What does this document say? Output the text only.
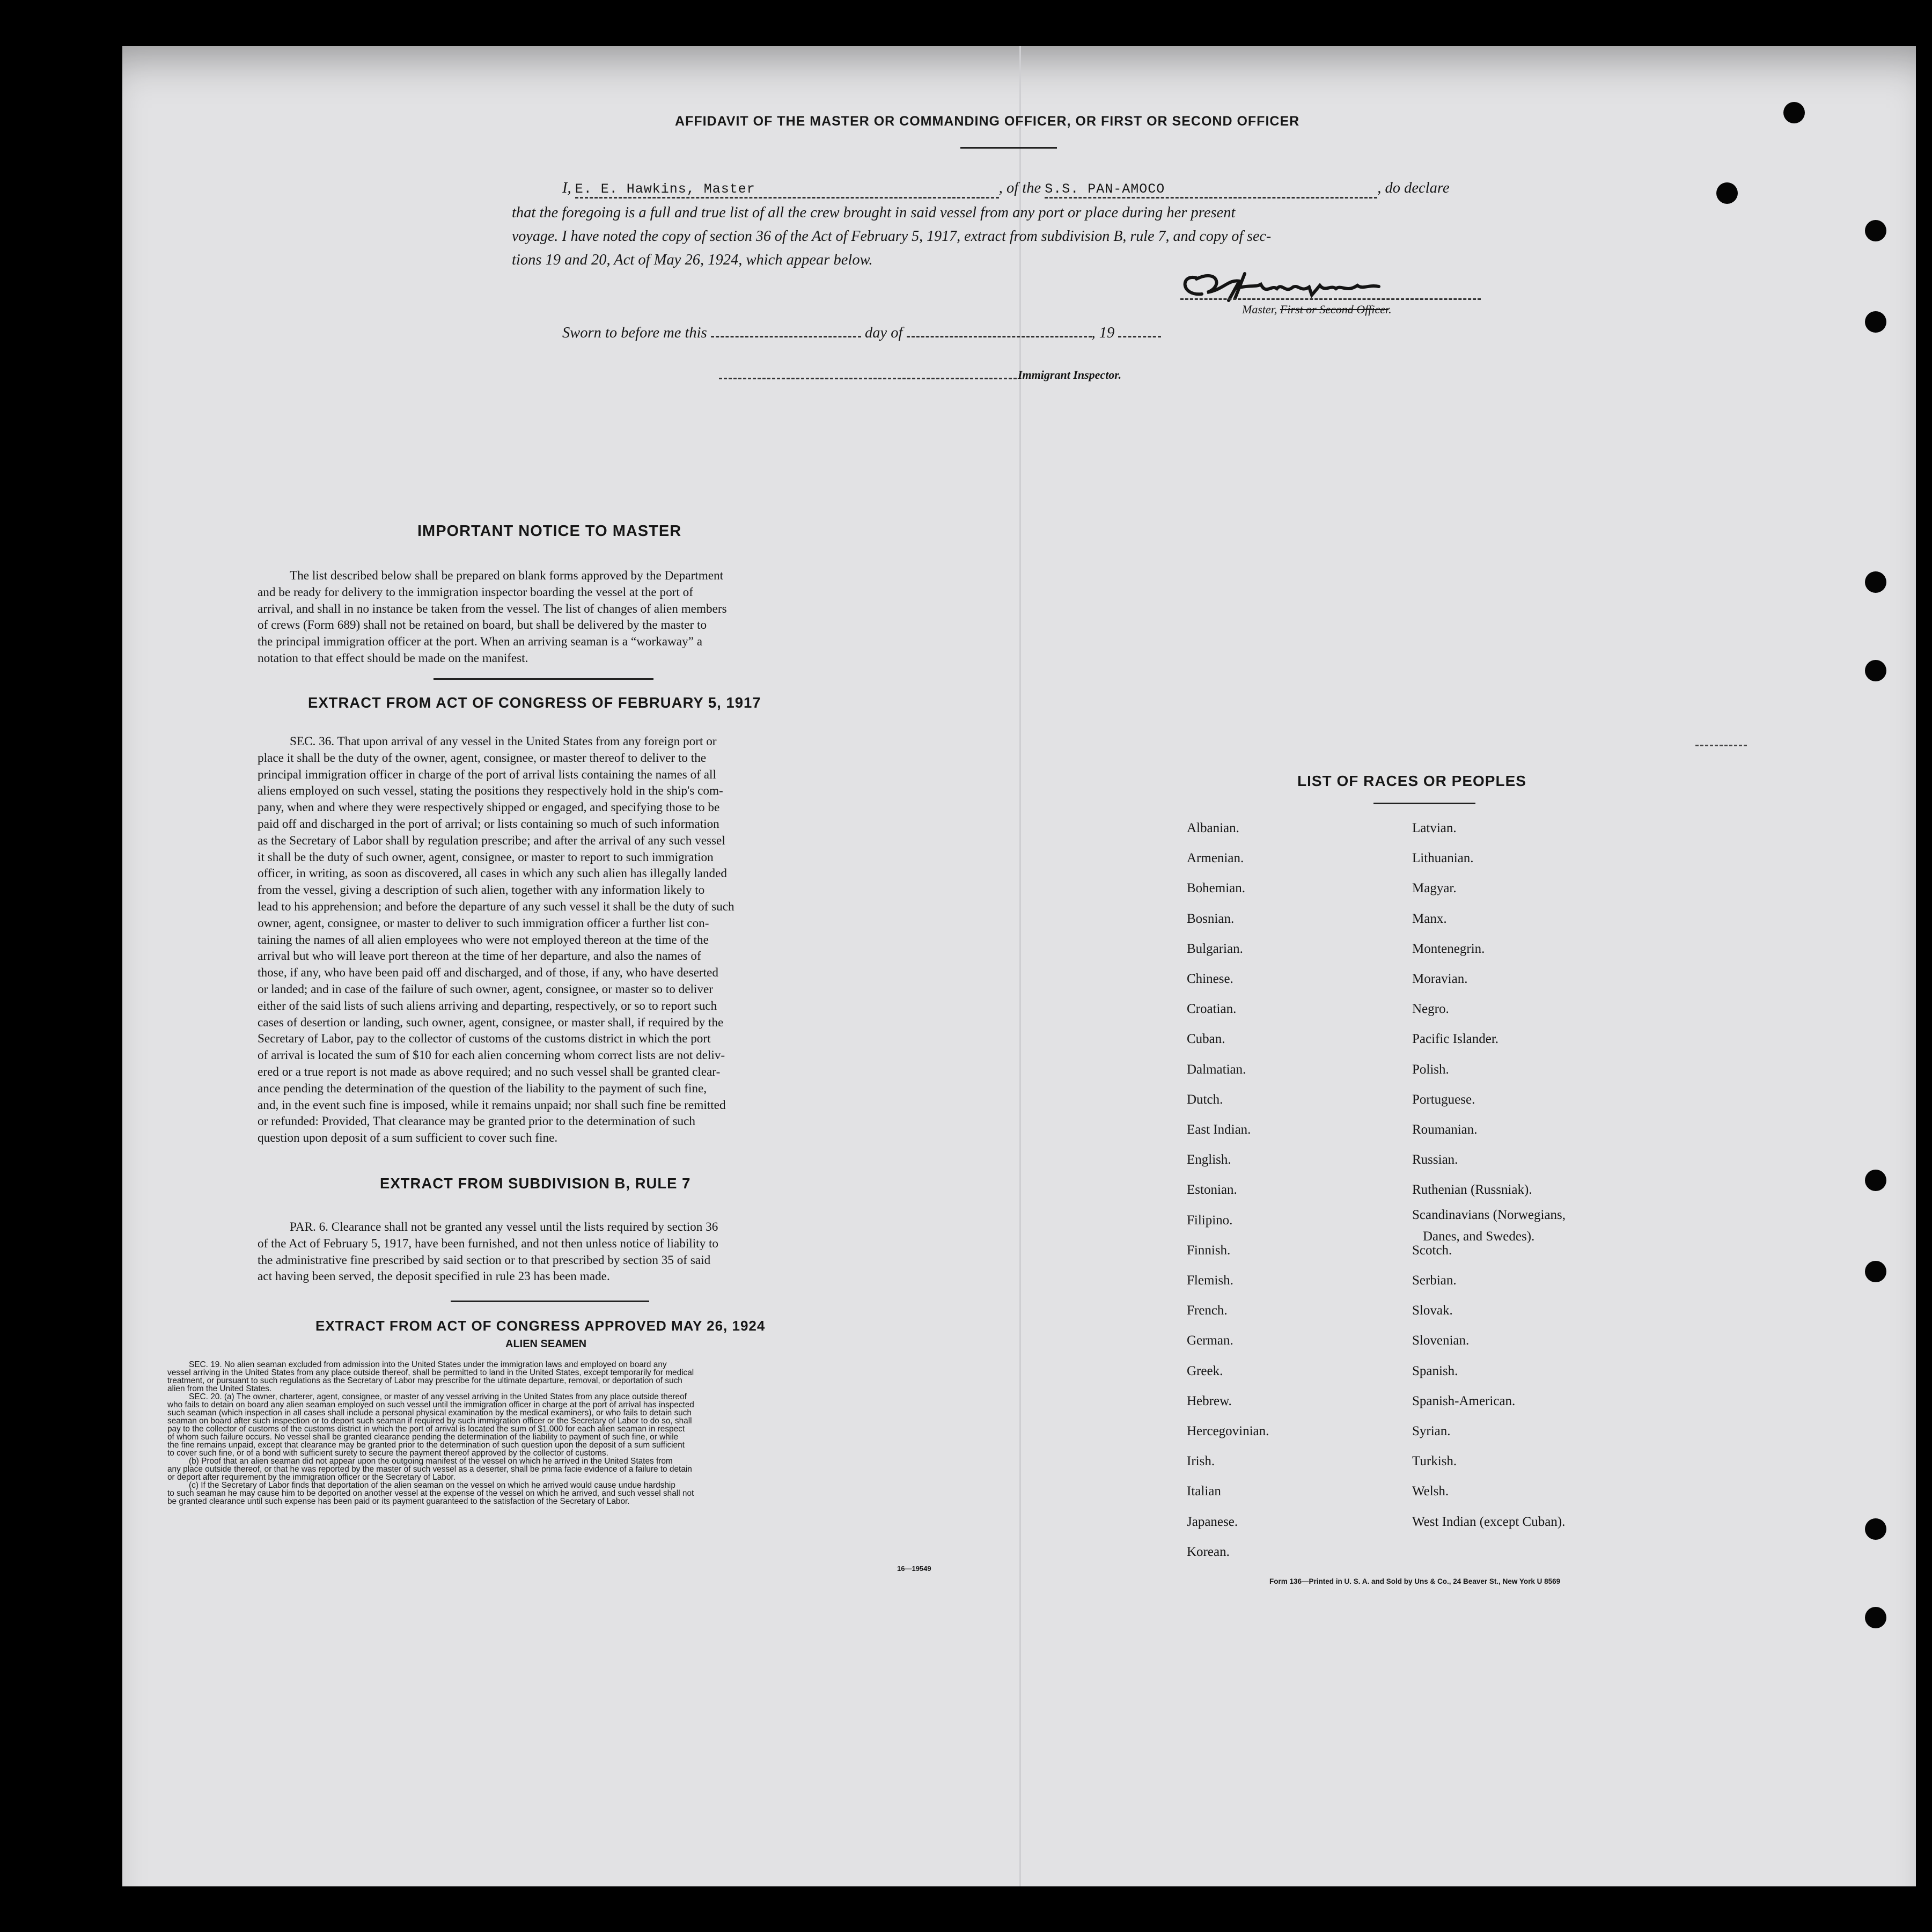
AFFIDAVIT OF THE MASTER OR COMMANDING OFFICER, OR FIRST OR SECOND OFFICER
I, E. E. Hawkins, Master	, of the S.S. PAN-AMOCO	, do declare
that the foregoing is a full and true list of all the crew brought in said vessel from any port or place during her present
voyage. I have noted the copy of section 36 of the Act of February 5, 1917, extract from subdivision B, rule 7, and copy of sec-
tions 19 and 20, Act of May 26, 1924, which appear below.
Master, First or Second Officer.
Sworn to before me this	day of	, 19
Immigrant Inspector.
IMPORTANT NOTICE TO MASTER
The list described below shall be prepared on blank forms approved by the Department
and be ready for delivery to the immigration inspector boarding the vessel at the port of
arrival, and shall in no instance be taken from the vessel. The list of changes of alien members
of crews (Form 689) shall not be retained on board, but shall be delivered by the master to
the principal immigration officer at the port. When an arriving seaman is a “workaway” a
notation to that effect should be made on the manifest.
EXTRACT FROM ACT OF CONGRESS OF FEBRUARY 5, 1917
SEC. 36. That upon arrival of any vessel in the United States from any foreign port or
place it shall be the duty of the owner, agent, consignee, or master thereof to deliver to the
principal immigration officer in charge of the port of arrival lists containing the names of all
aliens employed on such vessel, stating the positions they respectively hold in the ship's com-
pany, when and where they were respectively shipped or engaged, and specifying those to be
paid off and discharged in the port of arrival; or lists containing so much of such information
as the Secretary of Labor shall by regulation prescribe; and after the arrival of any such vessel
it shall be the duty of such owner, agent, consignee, or master to report to such immigration
officer, in writing, as soon as discovered, all cases in which any such alien has illegally landed
from the vessel, giving a description of such alien, together with any information likely to
lead to his apprehension; and before the departure of any such vessel it shall be the duty of such
owner, agent, consignee, or master to deliver to such immigration officer a further list con-
taining the names of all alien employees who were not employed thereon at the time of the
arrival but who will leave port thereon at the time of her departure, and also the names of
those, if any, who have been paid off and discharged, and of those, if any, who have deserted
or landed; and in case of the failure of such owner, agent, consignee, or master so to deliver
either of the said lists of such aliens arriving and departing, respectively, or so to report such
cases of desertion or landing, such owner, agent, consignee, or master shall, if required by the
Secretary of Labor, pay to the collector of customs of the customs district in which the port
of arrival is located the sum of $10 for each alien concerning whom correct lists are not deliv-
ered or a true report is not made as above required; and no such vessel shall be granted clear-
ance pending the determination of the question of the liability to the payment of such fine,
and, in the event such fine is imposed, while it remains unpaid; nor shall such fine be remitted
or refunded: Provided, That clearance may be granted prior to the determination of such
question upon deposit of a sum sufficient to cover such fine.
EXTRACT FROM SUBDIVISION B, RULE 7
PAR. 6. Clearance shall not be granted any vessel until the lists required by section 36
of the Act of February 5, 1917, have been furnished, and not then unless notice of liability to
the administrative fine prescribed by said section or to that prescribed by section 35 of said
act having been served, the deposit specified in rule 23 has been made.
EXTRACT FROM ACT OF CONGRESS APPROVED MAY 26, 1924
ALIEN SEAMEN
SEC. 19. No alien seaman excluded from admission into the United States under the immigration laws and employed on board any
vessel arriving in the United States from any place outside thereof, shall be permitted to land in the United States, except temporarily for medical
treatment, or pursuant to such regulations as the Secretary of Labor may prescribe for the ultimate departure, removal, or deportation of such
alien from the United States.
SEC. 20. (a) The owner, charterer, agent, consignee, or master of any vessel arriving in the United States from any place outside thereof
who fails to detain on board any alien seaman employed on such vessel until the immigration officer in charge at the port of arrival has inspected
such seaman (which inspection in all cases shall include a personal physical examination by the medical examiners), or who fails to detain such
seaman on board after such inspection or to deport such seaman if required by such immigration officer or the Secretary of Labor to do so, shall
pay to the collector of customs of the customs district in which the port of arrival is located the sum of $1,000 for each alien seaman in respect
of whom such failure occurs. No vessel shall be granted clearance pending the determination of the liability to payment of such fine, or while
the fine remains unpaid, except that clearance may be granted prior to the determination of such question upon the deposit of a sum sufficient
to cover such fine, or of a bond with sufficient surety to secure the payment thereof approved by the collector of customs.
(b) Proof that an alien seaman did not appear upon the outgoing manifest of the vessel on which he arrived in the United States from
any place outside thereof, or that he was reported by the master of such vessel as a deserter, shall be prima facie evidence of a failure to detain
or deport after requirement by the immigration officer or the Secretary of Labor.
(c) If the Secretary of Labor finds that deportation of the alien seaman on the vessel on which he arrived would cause undue hardship
to such seaman he may cause him to be deported on another vessel at the expense of the vessel on which he arrived, and such vessel shall not
be granted clearance until such expense has been paid or its payment guaranteed to the satisfaction of the Secretary of Labor.
16—19549
LIST OF RACES OR PEOPLES
Albanian.
Armenian.
Bohemian.
Bosnian.
Bulgarian.
Chinese.
Croatian.
Cuban.
Dalmatian.
Dutch.
East Indian.
English.
Estonian.
Filipino.
Finnish.
Flemish.
French.
German.
Greek.
Hebrew.
Hercegovinian.
Irish.
Italian
Japanese.
Korean.
Latvian.
Lithuanian.
Magyar.
Manx.
Montenegrin.
Moravian.
Negro.
Pacific Islander.
Polish.
Portuguese.
Roumanian.
Russian.
Ruthenian (Russniak).
Scandinavians (Norwegians,
Danes, and Swedes).
Scotch.
Serbian.
Slovak.
Slovenian.
Spanish.
Spanish-American.
Syrian.
Turkish.
Welsh.
West Indian (except Cuban).
Form 136—Printed in U. S. A. and Sold by Uns & Co., 24 Beaver St., New York U 8569
